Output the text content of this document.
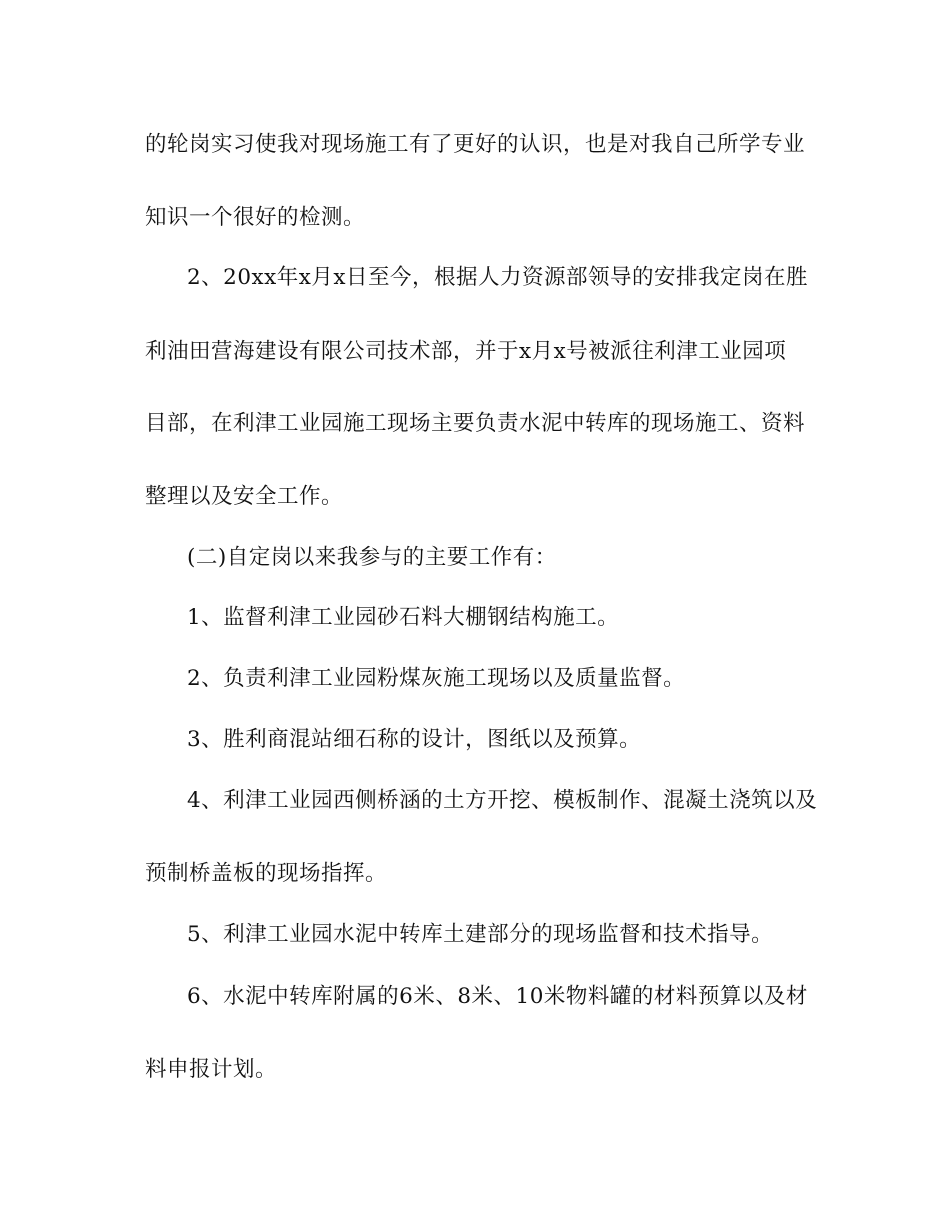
的轮岗实习使我对现场施工有了更好的认识，也是对我自己所学专业
知识一个很好的检测。
2、20xx年x月x日至今，根据人力资源部领导的安排我定岗在胜
利油田营海建设有限公司技术部，并于x月x号被派往利津工业园项
目部，在利津工业园施工现场主要负责水泥中转库的现场施工、资料
整理以及安全工作。
(二)自定岗以来我参与的主要工作有：
1、监督利津工业园砂石料大棚钢结构施工。
2、负责利津工业园粉煤灰施工现场以及质量监督。
3、胜利商混站细石称的设计，图纸以及预算。
4、利津工业园西侧桥涵的土方开挖、模板制作、混凝土浇筑以及
预制桥盖板的现场指挥。
5、利津工业园水泥中转库土建部分的现场监督和技术指导。
6、水泥中转库附属的6米、8米、10米物料罐的材料预算以及材
料申报计划。
